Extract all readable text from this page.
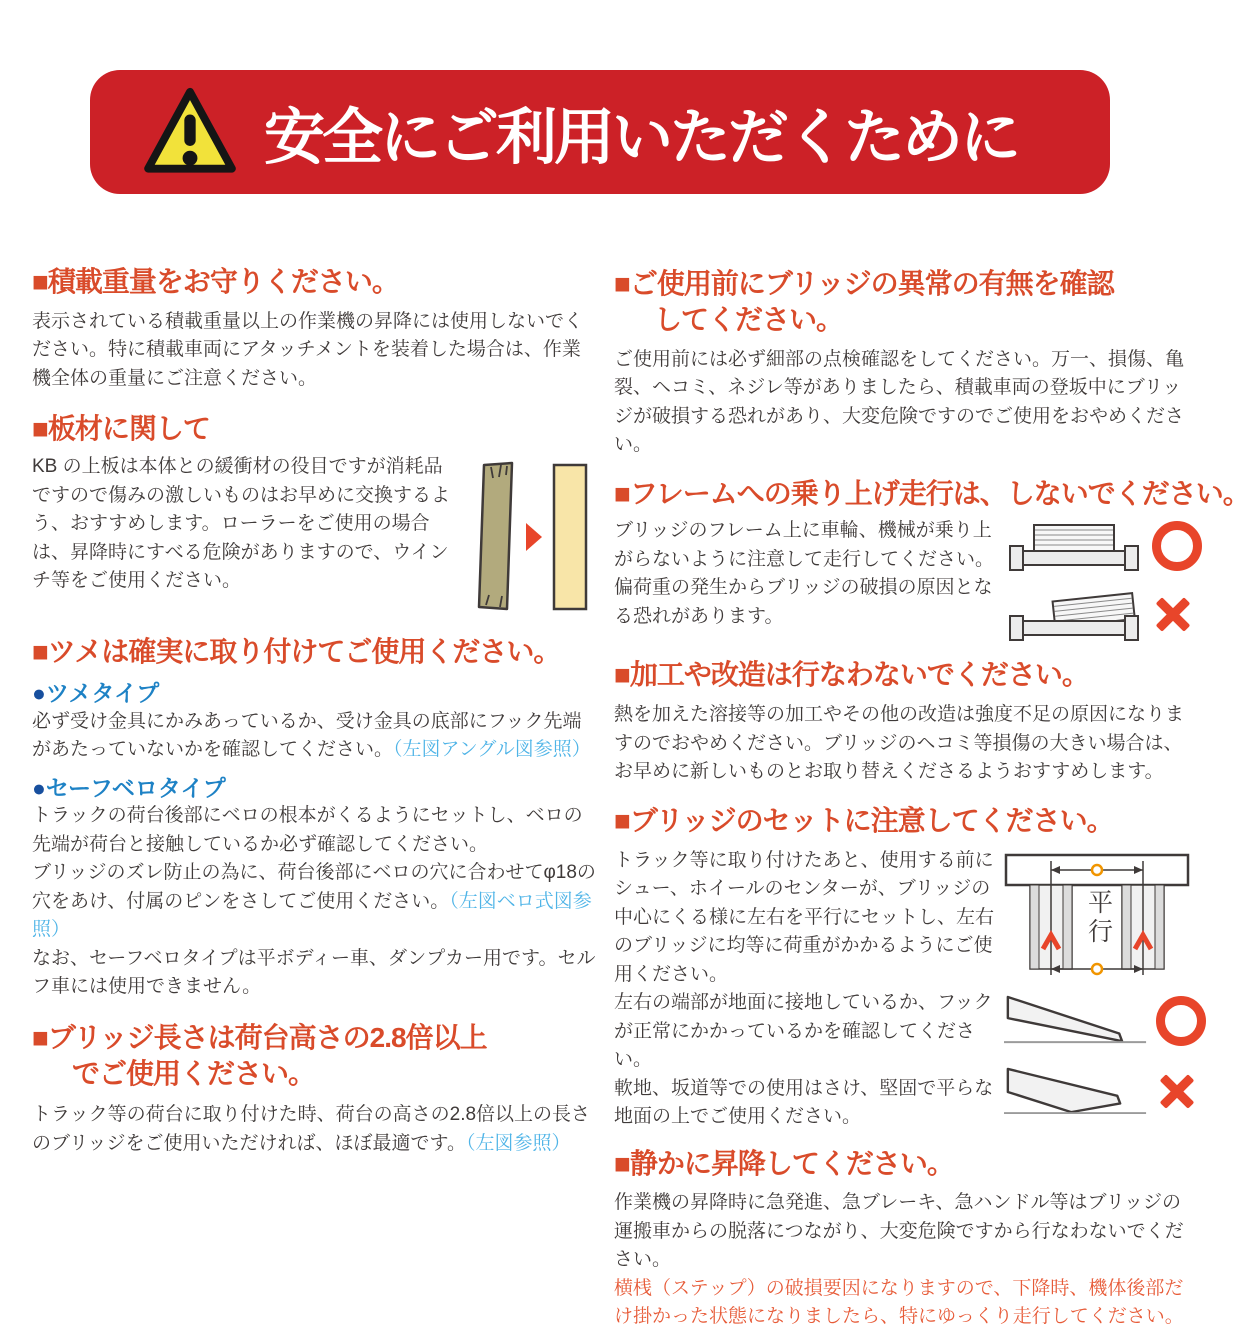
安全にご利用いただくために
■積載重量をお守りください。

表示されている積載重量以上の作業機の昇降には使用しないでください。特に積載車両にアタッチメントを装着した場合は、作業機全体の重量にご注意ください。

■板材に関して

KB の上板は本体との緩衝材の役目ですが消耗品ですので傷みの激しいものはお早めに交換するよう、おすすめします。ローラーをご使用の場合は、昇降時にすべる危険がありますので、ウインチ等をご使用ください。

■ツメは確実に取り付けてご使用ください。
●ツメタイプ

必ず受け金具にかみあっているか、受け金具の底部にフック先端があたっていないかを確認してください。（左図アングル図参照）

●セーフベロタイプ

トラックの荷台後部にベロの根本がくるようにセットし、ベロの先端が荷台と接触しているか必ず確認してください。

ブリッジのズレ防止の為に、荷台後部にベロの穴に合わせてφ18の穴をあけ、付属のピンをさしてご使用ください。（左図ベロ式図参照）

なお、セーフベロタイプは平ボディー車、ダンプカー用です。セルフ車には使用できません。

■ブリッジ長さは荷台高さの2.8倍以上
でご使用ください。

トラック等の荷台に取り付けた時、荷台の高さの2.8倍以上の長さのブリッジをご使用いただければ、ほぼ最適です。（左図参照）

■ご使用前にブリッジの異常の有無を確認
してください。

ご使用前には必ず細部の点検確認をしてください。万一、損傷、亀裂、ヘコミ、ネジレ等がありましたら、積載車両の登坂中にブリッジが破損する恐れがあり、大変危険ですのでご使用をおやめください。

■フレームへの乗り上げ走行は、しないでください。

ブリッジのフレーム上に車輪、機械が乗り上がらないように注意して走行してください。

偏荷重の発生からブリッジの破損の原因となる恐れがあります。

■加工や改造は行なわないでください。

熱を加えた溶接等の加工やその他の改造は強度不足の原因になりますのでおやめください。ブリッジのヘコミ等損傷の大きい場合は、お早めに新しいものとお取り替えくださるようおすすめします。

■ブリッジのセットに注意してください。

トラック等に取り付けたあと、使用する前にシュー、ホイールのセンターが、ブリッジの中心にくる様に左右を平行にセットし、左右のブリッジに均等に荷重がかかるようにご使用ください。

左右の端部が地面に接地しているか、フックが正常にかかっているかを確認してください。

軟地、坂道等での使用はさけ、堅固で平らな地面の上でご使用ください。

平行
■静かに昇降してください。

作業機の昇降時に急発進、急ブレーキ、急ハンドル等はブリッジの運搬車からの脱落につながり、大変危険ですから行なわないでください。

横桟（ステップ）の破損要因になりますので、下降時、機体後部だけ掛かった状態になりましたら、特にゆっくり走行してください。
